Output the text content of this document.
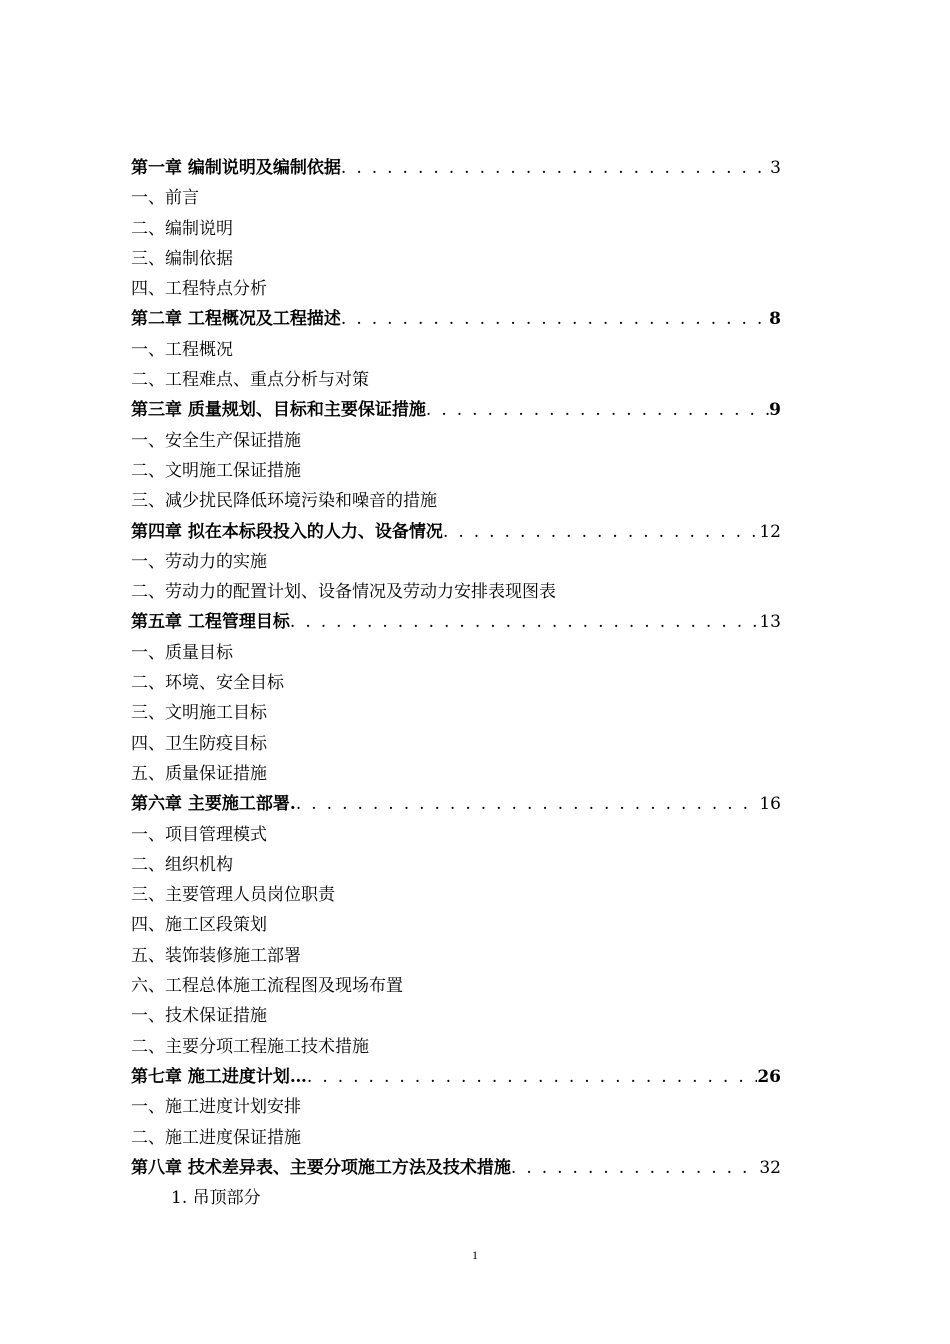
第一章 编制说明及编制依据 . . .	3
一、前言
二、编制说明
三、编制依据
四、工程特点分析
第二章 工程概况及工程描述 . . .	8
一、工程概况
二、工程难点、重点分析与对策
第三章 质量规划、目标和主要保证措施 . . .	9
一、安全生产保证措施
二、文明施工保证措施
三、减少扰民降低环境污染和噪音的措施
第四章 拟在本标段投入的人力、设备情况 . . .	12
一、劳动力的实施
二、劳动力的配置计划、设备情况及劳动力安排表现图表
第五章 工程管理目标 . . .	13
一、质量目标
二、环境、安全目标
三、文明施工目标
四、卫生防疫目标
五、质量保证措施
第六章 主要施工部署. . . .	16
一、项目管理模式
二、组织机构
三、主要管理人员岗位职责
四、施工区段策划
五、装饰装修施工部署
六、工程总体施工流程图及现场布置
一、技术保证措施
二、主要分项工程施工技术措施
第七章 施工进度计划… . . .	26
一、施工进度计划安排
二、施工进度保证措施
第八章 技术差异表、主要分项施工方法及技术措施 . . .	32
1. 吊顶部分
1
